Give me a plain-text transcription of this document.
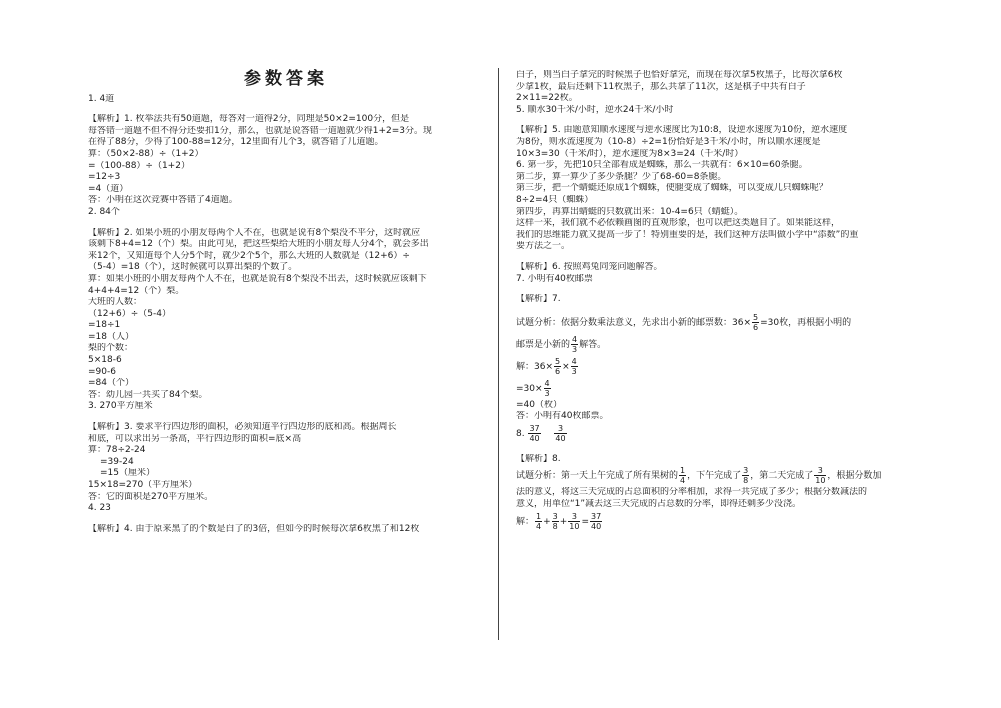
参数答案
1. 4道
【解析】1. 枚举法共有50道题，每答对一道得2分，同理是50×2=100分，但是
每答错一道题不但不得分还要扣1分，那么，也就是说答错一道题就少得1+2=3分。现
在得了88分，少得了100-88=12分，12里面有几个3，就答错了几道题。
算：（50×2-88）÷（1+2）
=（100-88）÷（1+2）
=12÷3
=4（道）
答：小明在这次竞赛中答错了4道题。
2. 84个
【解析】2. 如果小班的小朋友每两个人不在，也就是说有8个梨没不平分，这时就应
该剩下8+4=12（个）梨。由此可见，把这些梨给大班的小朋友每人分4个，就会多出
来12个，又知道每个人分5个时，就少2个5个，那么大班的人数就是（12+6）÷
（5-4）=18（个），这时候就可以算出梨的个数了。
算：如果小班的小朋友每两个人不在，也就是说有8个梨没不出去，这时候就应该剩下
4+4+4=12（个）梨。
大班的人数：
（12+6）÷（5-4）
=18÷1
=18（人）
梨的个数：
5×18-6
=90-6
=84（个）
答：幼儿园一共买了84个梨。
3. 270平方厘米
【解析】3. 要求平行四边形的面积，必须知道平行四边形的底和高。根据周长
和底，可以求出另一条高，平行四边形的面积=底×高
算：78÷2-24
=39-24
=15（厘米）
15×18=270（平方厘米）
答：它的面积是270平方厘米。
4. 23
【解析】4. 由于原来黑了的个数是白了的3倍，但如今的时候每次拿6枚黑了和12枚
白子，则当白子拿完的时候黑子也恰好拿完，而现在每次拿5枚黑子，比每次拿6枚
少拿1枚，最后还剩下11枚黑子，那么共拿了11次，这是棋子中共有白子
2×11=22枚。
5. 顺水30千米/小时，逆水24千米/小时
【解析】5. 由题意知顺水速度与逆水速度比为10:8，设逆水速度为10份，逆水速度
为8份，则水流速度为（10-8）÷2=1份恰好是3千米/小时，所以顺水速度是
10×3=30（千米/时），逆水速度为8×3=24（千米/时）
6. 第一步，先把10只全部看成是蜘蛛，那么一共就有：6×10=60条腿。
第二步，算一算少了多少条腿？少了68-60=8条腿。
第三步，把一个蜻蜓还原成1个蜘蛛，使腿变成了蜘蛛，可以变成几只蜘蛛呢？
8÷2=4只（蜘蛛）
第四步，再算出蜻蜓的只数就出来：10-4=6只（蜻蜓）。
这样一来，我们就不必依赖画图的直观形象，也可以把这类题目了。如果能这样，
我们的思维能力就又提高一步了！特别重要的是，我们这种方法叫做小学中“添数”的重
要方法之一。
【解析】6. 按照鸡兔同笼问题解答。
7. 小明有40枚邮票
【解析】7.
试题分析：依据分数乘法意义，先求出小新的邮票数：$36\times \frac{5}{6} =30$枚，再根据小明的
邮票是小新的 $\frac{4}{3}$ 解答。
解：$36\times \frac{5}{6} \times \frac{4}{3}$
$=30\times \frac{4}{3}$
=40（枚）
答：小明有40枚邮票。
8. $\frac{37}{40}$
$\frac{3}{40}$
【解析】8.
试题分析：第一天上午完成了所有果树的 $\frac{1}{4}$ ，下午完成了 $\frac{3}{8}$ ，第二天完成了 $\frac{3}{10}$ ，根据分数加
法的意义，将这三天完成的占总面积的分率相加，求得一共完成了多少；根据分数减法的
意义，用单位“1”减去这三天完成的占总数的分率，即得还剩多少没浇。
解： $\frac{1}{4} + \frac{3}{8} + \frac{3}{10} = \frac{37}{40}$
